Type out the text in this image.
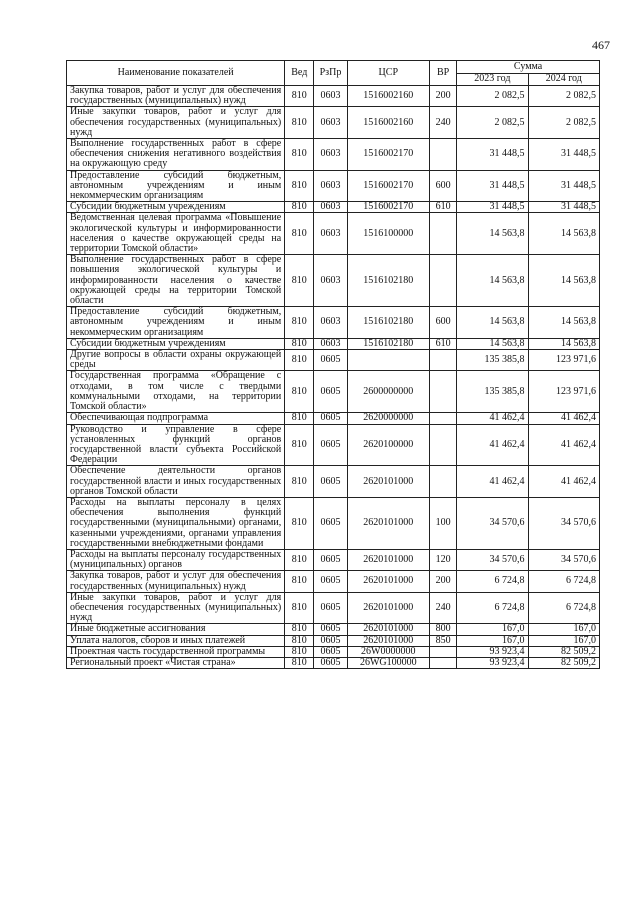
467
Наименование показателей	Вед	РзПр	ЦСР	ВР	Сумма	
					2023 год	2024 год
Закупка товаров, работ и услуг для обеспечения государственных (муниципальных) нужд	810	0603	1516002160	200	2 082,5	2 082,5
Иные закупки товаров, работ и услуг для обеспечения государственных (муниципальных) нужд	810	0603	1516002160	240	2 082,5	2 082,5
Выполнение государственных работ в сфере обеспечения снижения негативного воздействия на окружающую среду	810	0603	1516002170		31 448,5	31 448,5
Предоставление субсидий бюджетным, автономным учреждениям и иным некоммерческим организациям	810	0603	1516002170	600	31 448,5	31 448,5
Субсидии бюджетным учреждениям	810	0603	1516002170	610	31 448,5	31 448,5
Ведомственная целевая программа «Повышение экологической культуры и информированности населения о качестве окружающей среды на территории Томской области»	810	0603	1516100000		14 563,8	14 563,8
Выполнение государственных работ в сфере повышения экологической культуры и информированности населения о качестве окружающей среды на территории Томской области	810	0603	1516102180		14 563,8	14 563,8
Предоставление субсидий бюджетным, автономным учреждениям и иным некоммерческим организациям	810	0603	1516102180	600	14 563,8	14 563,8
Субсидии бюджетным учреждениям	810	0603	1516102180	610	14 563,8	14 563,8
Другие вопросы в области охраны окружающей среды	810	0605			135 385,8	123 971,6
Государственная программа «Обращение с отходами, в том числе с твердыми коммунальными отходами, на территории Томской области»	810	0605	2600000000		135 385,8	123 971,6
Обеспечивающая подпрограмма	810	0605	2620000000		41 462,4	41 462,4
Руководство и управление в сфере установленных функций органов государственной власти субъекта Российской Федерации	810	0605	2620100000		41 462,4	41 462,4
Обеспечение деятельности органов государственной власти и иных государственных органов Томской области	810	0605	2620101000		41 462,4	41 462,4
Расходы на выплаты персоналу в целях обеспечения выполнения функций государственными (муниципальными) органами, казенными учреждениями, органами управления государственными внебюджетными фондами	810	0605	2620101000	100	34 570,6	34 570,6
Расходы на выплаты персоналу государственных (муниципальных) органов	810	0605	2620101000	120	34 570,6	34 570,6
Закупка товаров, работ и услуг для обеспечения государственных (муниципальных) нужд	810	0605	2620101000	200	6 724,8	6 724,8
Иные закупки товаров, работ и услуг для обеспечения государственных (муниципальных) нужд	810	0605	2620101000	240	6 724,8	6 724,8
Иные бюджетные ассигнования	810	0605	2620101000	800	167,0	167,0
Уплата налогов, сборов и иных платежей	810	0605	2620101000	850	167,0	167,0
Проектная часть государственной программы	810	0605	26W0000000		93 923,4	82 509,2
Региональный проект «Чистая страна»	810	0605	26WG100000		93 923,4	82 509,2
